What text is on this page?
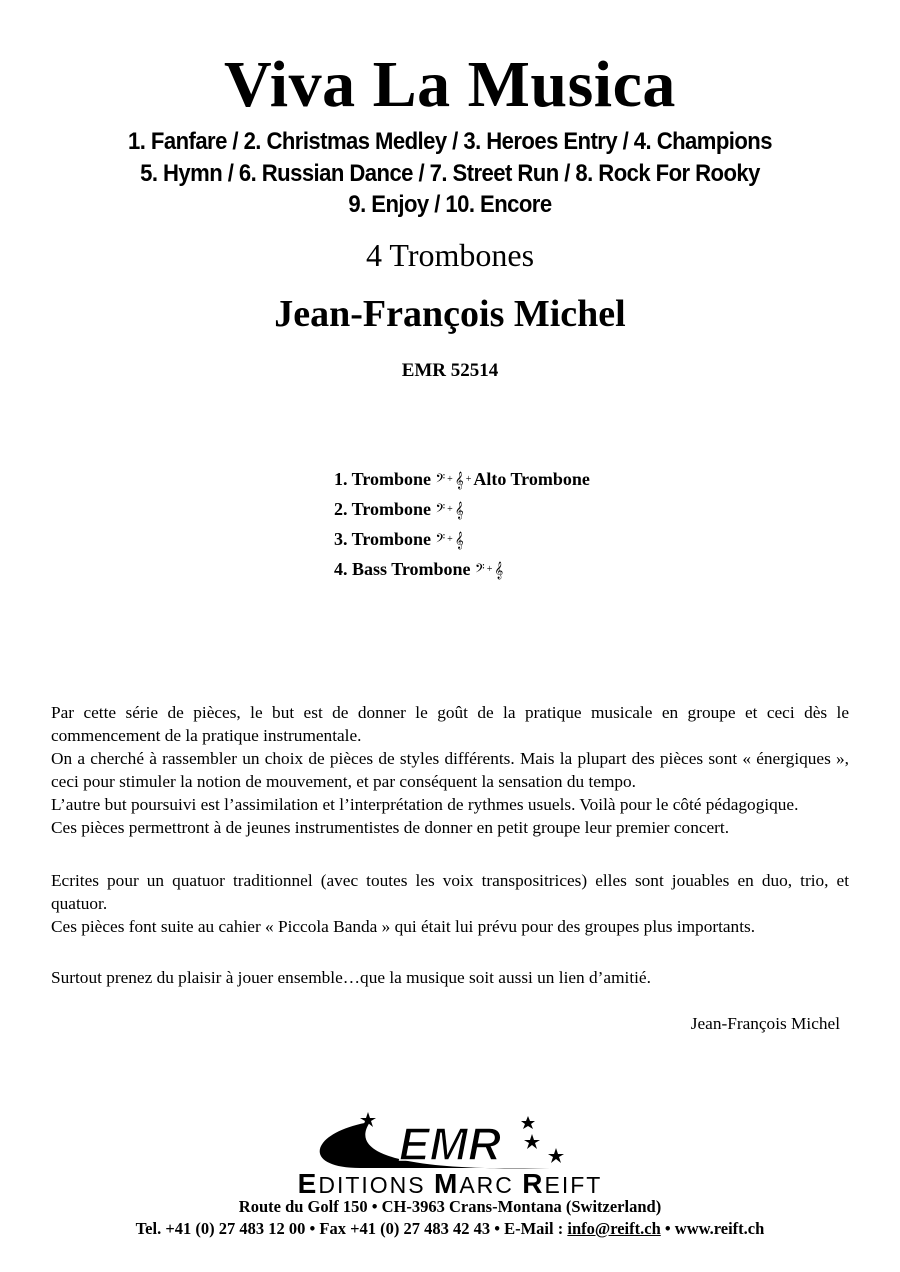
Viva La Musica
1. Fanfare / 2. Christmas Medley / 3. Heroes Entry / 4. Champions
5. Hymn / 6. Russian Dance / 7. Street Run / 8. Rock For Rooky
9. Enjoy / 10. Encore
4 Trombones
Jean-François Michel
EMR 52514
1. Trombone 𝄢 + 𝄞 + Alto Trombone
2. Trombone 𝄢 + 𝄞
3. Trombone 𝄢 + 𝄞
4. Bass Trombone 𝄢 + 𝄞

Par cette série de pièces, le but est de donner le goût de la pratique musicale en groupe et ceci dès le commencement de la pratique instrumentale.

On a cherché à rassembler un choix de pièces de styles différents. Mais la plupart des pièces sont « énergiques », ceci pour stimuler la notion de mouvement, et par conséquent la sensation du tempo.

L’autre but poursuivi est l’assimilation et l’interprétation de rythmes usuels. Voilà pour le côté pédagogique.

Ces pièces permettront à de jeunes instrumentistes de donner en petit groupe leur premier concert.

Ecrites pour un quatuor traditionnel (avec toutes les voix transpositrices) elles sont jouables en duo, trio, et quatuor.

Ces pièces font suite au cahier « Piccola Banda » qui était lui prévu pour des groupes plus importants.

Surtout prenez du plaisir à jouer ensemble…que la musique soit aussi un lien d’amitié.

Jean-François Michel
EMR
EDITIONS MARC REIFT
Route du Golf 150 • CH-3963 Crans-Montana (Switzerland)
Tel. +41 (0) 27 483 12 00 • Fax +41 (0) 27 483 42 43 • E-Mail : info@reift.ch • www.reift.ch
